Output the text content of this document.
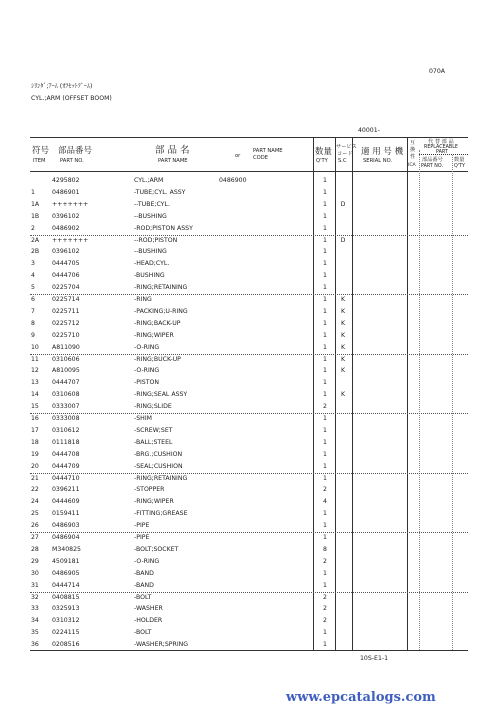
070A
ｼﾘﾝﾀﾞ;ｱｰﾑ (ｵﾌｾｯﾄﾌﾞｰﾑ)
CYL.;ARM (OFFSET BOOM)
40001-
符号
ITEM
部品番号
PART NO.
部 品 名
PART NAME
or
PART NAME
CODE
数量
Q'TY
サービス
コード
S.C
適 用 号 機
SERIAL NO.
互
換
性
ICA
代 替 部 品
REPLACEABLE
PART
部品番号
PART NO.
数量
Q'TY
4295802	CYL.;ARM	0486900	1
1	0486901	-TUBE;CYL. ASSY	1
1A +++++++	--TUBE;CYL.	1	D
1B 0396102	--BUSHING	1
2	0486902	-ROD;PISTON ASSY	1
2A +++++++	--ROD;PISTON	1	D
2B 0396102	--BUSHING	1
3	0444705	-HEAD;CYL.	1
4	0444706	-BUSHING	1
5	0225704	-RING;RETAINING	1
6	0225714	-RING	1	K
7	0225711	-PACKING;U-RING	1	K
8	0225712	-RING;BACK-UP	1	K
9	0225710	-RING;WIPER	1	K
10 A811090	-O-RING	1	K
11 0310606	-RING;BUCK-UP	1	K
12 A810095	-O-RING	1	K
13 0444707	-PISTON	1
14 0310608	-RING;SEAL ASSY	1	K
15 0333007	-RING;SLIDE	2
16 0333008	-SHIM	1
17 0310612	-SCREW;SET	1
18 0111818	-BALL;STEEL	1
19 0444708	-BRG.;CUSHION	1
20 0444709	-SEAL;CUSHION	1
21 0444710	-RING;RETAINING	1
22 0396211	-STOPPER	2
24 0444609	-RING;WIPER	4
25 0159411	-FITTING;GREASE	1
26 0486903	-PIPE	1
27 0486904	-PIPE	1
28 M340825	-BOLT;SOCKET	8
29 4509181	-O-RING	2
30 0486905	-BAND	1
31 0444714	-BAND	1
32 0408815	-BOLT	2
33 0325913	-WASHER	2
34 0310312	-HOLDER	2
35 0224115	-BOLT	1
36 0208516	-WASHER;SPRING	1
10S-E1-1
www.epcatalogs.com
